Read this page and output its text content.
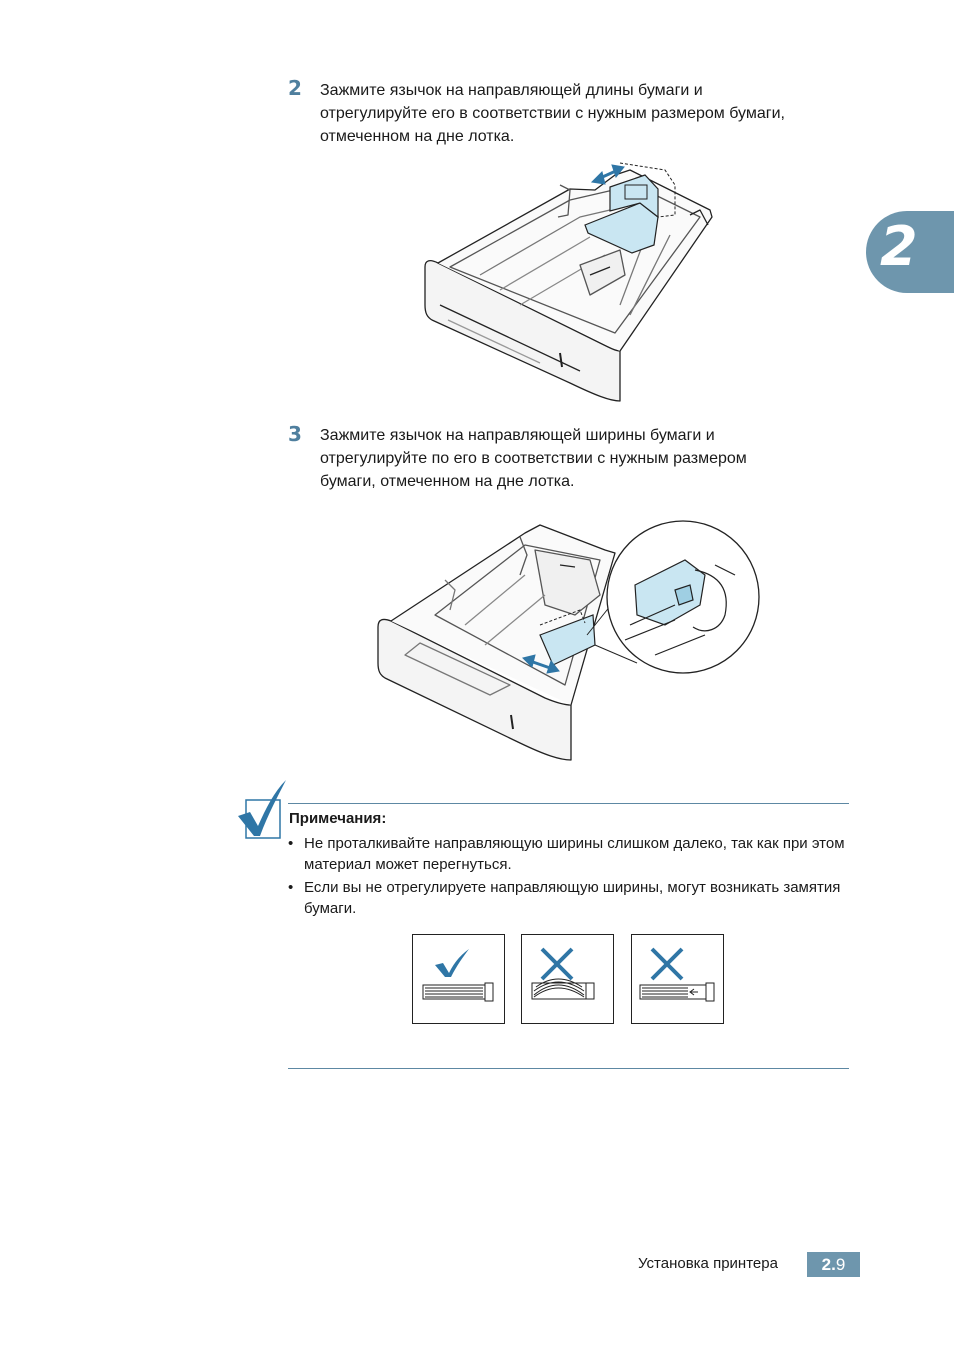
2
2 Зажмите язычок на направляющей длины бумаги и
отрегулируйте его в соответствии с нужным размером бумаги,
отмеченном на дне лотка.
3 Зажмите язычок на направляющей ширины бумаги и
отрегулируйте по его в соответствии с нужным размером
бумаги, отмеченном на дне лотка.
Примечания:
• Не проталкивайте направляющую ширины слишком далеко, так как при этом материал может перегнуться.
• Если вы не отрегулируете направляющую ширины, могут возникать замятия бумаги.
Установка принтера	2.9
